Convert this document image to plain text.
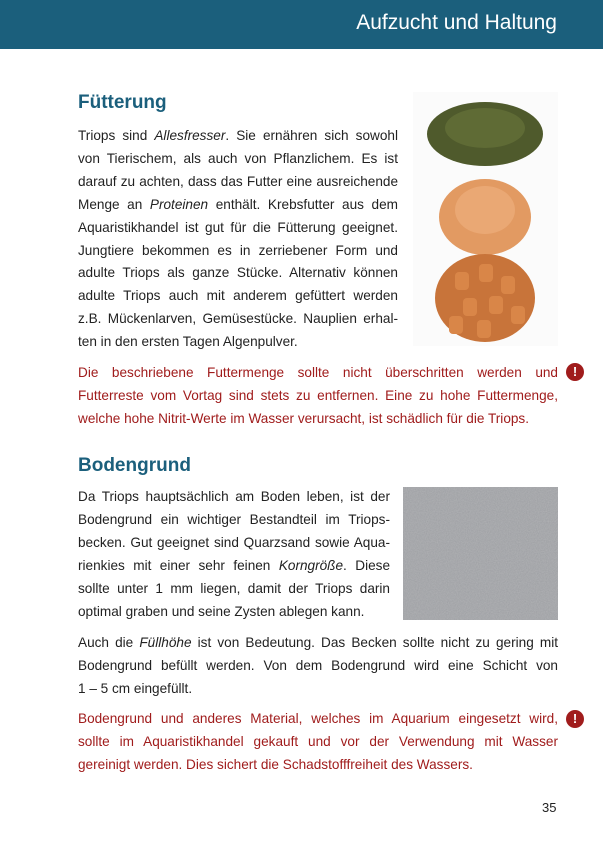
Aufzucht und Haltung
Fütterung
Triops sind Allesfresser. Sie ernähren sich sowohl
von Tierischem, als auch von Pflanzlichem. Es ist
darauf zu achten, dass das Futter eine ausreichende
Menge an Proteinen enthält. Krebsfutter aus dem
Aquaristikhandel ist gut für die Fütterung geeignet.
Jungtiere bekommen es in zerriebener Form und
adulte Triops als ganze Stücke. Alternativ können
adulte Triops auch mit anderem gefüttert werden
z.B. Mückenlarven, Gemüsestücke. Nauplien erhal-
ten in den ersten Tagen Algenpulver.
Die beschriebene Futtermenge sollte nicht überschritten werden und
Futterreste vom Vortag sind stets zu entfernen. Eine zu hohe Futtermenge,
welche hohe Nitrit-Werte im Wasser verursacht, ist schädlich für die Triops.
!
Bodengrund
Da Triops hauptsächlich am Boden leben, ist der
Bodengrund ein wichtiger Bestandteil im Triops-
becken. Gut geeignet sind Quarzsand sowie Aqua-
rienkies mit einer sehr feinen Korngröße. Diese
sollte unter 1 mm liegen, damit der Triops darin
optimal graben und seine Zysten ablegen kann.
Auch die Füllhöhe ist von Bedeutung. Das Becken sollte nicht zu gering mit
Bodengrund befüllt werden. Von dem Bodengrund wird eine Schicht von
1 – 5 cm eingefüllt.
Bodengrund und anderes Material, welches im Aquarium eingesetzt wird,
sollte im Aquaristikhandel gekauft und vor der Verwendung mit Wasser
gereinigt werden. Dies sichert die Schadstofffreiheit des Wassers.
!
35
